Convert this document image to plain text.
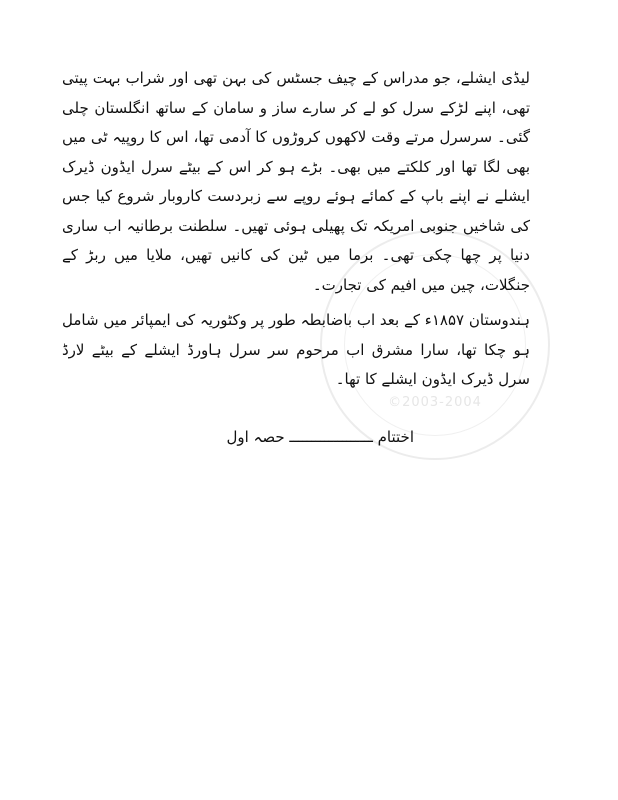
©2003-2004

لیڈی ایشلے، جو مدراس کے چیف جسٹس کی بہن تھی اور شراب بہت پیتی تھی، اپنے لڑکے سرل کو لے کر سارے ساز و سامان کے ساتھ انگلستان چلی گئی۔ سرسرل مرتے وقت لاکھوں کروڑوں کا آدمی تھا، اس کا روپیہ ٹی میں بھی لگا تھا اور کلکتے میں بھی۔ بڑے ہو کر اس کے بیٹے سرل ایڈون ڈیرک ایشلے نے اپنے باپ کے کمائے ہوئے روپے سے زبردست کاروبار شروع کیا جس کی شاخیں جنوبی امریکہ تک پھیلی ہوئی تھیں۔ سلطنت برطانیہ اب ساری دنیا پر چھا چکی تھی۔ برما میں ٹین کی کانیں تھیں، ملایا میں ربڑ کے جنگلات، چین میں افیم کی تجارت۔

ہندوستان ۱۸۵۷ء کے بعد اب باضابطہ طور پر وکٹوریہ کی ایمپائر میں شامل ہو چکا تھا، سارا مشرق اب مرحوم سر سرل ہاورڈ ایشلے کے بیٹے لارڈ سرل ڈیرک ایڈون ایشلے کا تھا۔

اختتام ـــــــــــــــــــ حصہ اول
